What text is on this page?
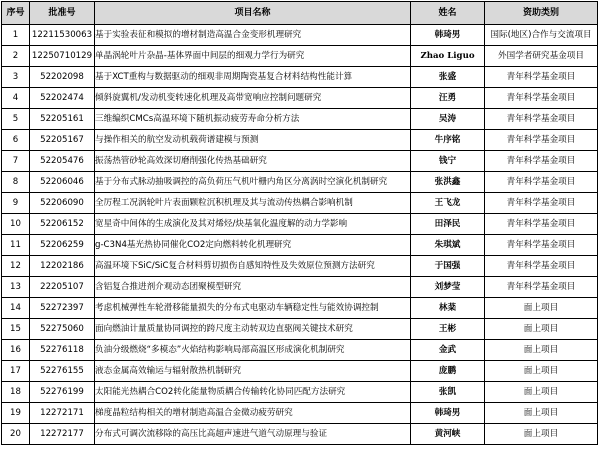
序号	批准号	项目名称	姓名	资助类别
1	12211530063	基于实验表征和模拟的增材制造高温合金变形机理研究	韩琦男	国际(地区)合作与交流项目
2	12250710129	单晶涡轮叶片杂晶-基体界面中间层的细观力学行为研究	Zhao Liguo	外国学者研究基金项目
3	52202098	基于XCT重构与数据驱动的细观非周期陶瓷基复合材料结构性能计算	张盛	青年科学基金项目
4	52202474	倾斜旋翼机/发动机变转速化机理及高带宽响应控制问题研究	汪勇	青年科学基金项目
5	52205161	三维编织CMCs高温环境下随机振动疲劳寿命分析方法	吴涛	青年科学基金项目
6	52205167	与操作相关的航空发动机载荷谱建模与预测	牛序铭	青年科学基金项目
7	52205476	振荡热管砂轮高效深切磨削强化传热基础研究	钱宁	青年科学基金项目
8	52206046	基于分布式脉动抽吸调控的高负荷压气机叶栅内角区分离涡时空演化机制研究	张洪鑫	青年科学基金项目
9	52206090	全厉程工况涡轮叶片表面颗粒沉积机理及其与流动传热耦合影响机制	王飞龙	青年科学基金项目
10	52206152	宽星奇中间体的生成演化及其对烯烃/炔基氧化温度解的动力学影响	田泽民	青年科学基金项目
11	52206259	g-C3N4基光热协同催化CO2定向燃料转化机理研究	朱琪斌	青年科学基金项目
12	12202186	高温环境下SiC/SiC复合材料剪切损伤自感知特性及失效原位预测方法研究	于国强	青年科学基金项目
13	22205107	含铝复合推进剂介观动态团聚模型研究	刘梦莹	青年科学基金项目
14	52272397	考虑机械弹性车轮滑移能量损失的分布式电驱动车辆稳定性与能效协调控制	林棻	面上项目
15	52275060	面向燃油计量质量协同调控的跨尺度主动转双边直驱阀关键技术研究	王彬	面上项目
16	52276118	负油分级燃烧“多模态”火焰结构影响局部高温区形成演化机制研究	金武	面上项目
17	52276155	液态金属高效输运与辐射散热机制研究	庞鹏	面上项目
18	52276199	太阳能光热耦合CO2转化能量物质耦合传输转化协同匹配方法研究	张凯	面上项目
19	12272171	梯度晶粒结构相关的增材制造高温合金微动疲劳研究	韩琦男	面上项目
20	12272177	分布式可调次流移除的高压比高超声速进气道气动原理与验证	黄河峡	面上项目
